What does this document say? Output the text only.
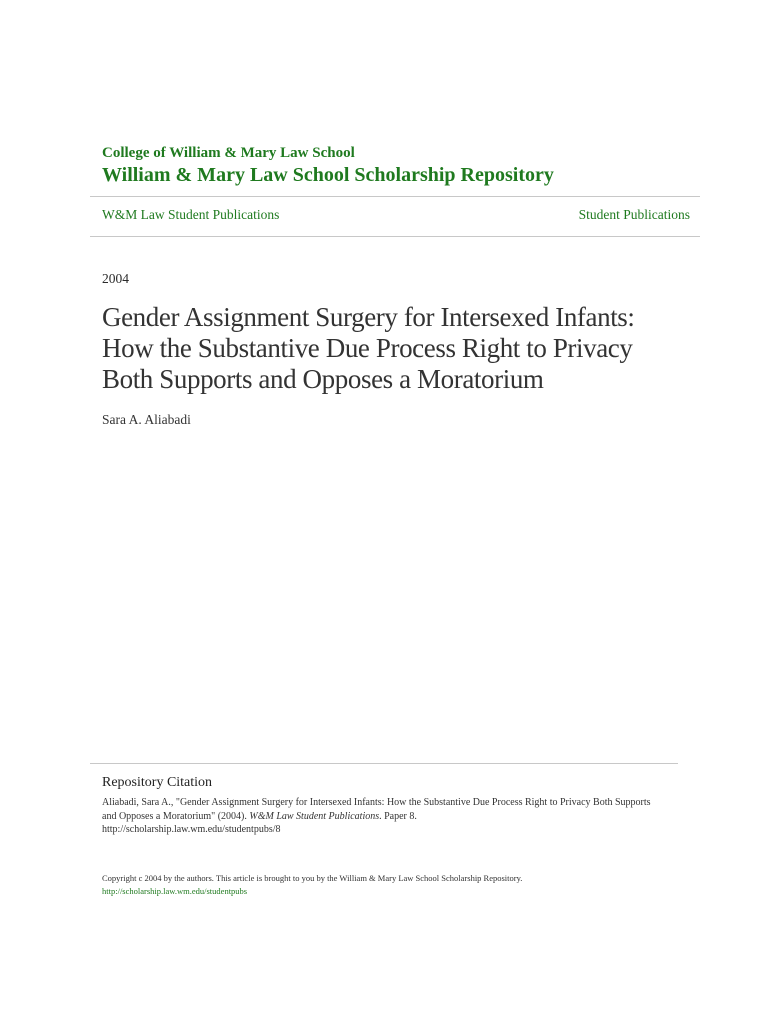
College of William & Mary Law School
William & Mary Law School Scholarship Repository
W&M Law Student Publications	Student Publications
2004
Gender Assignment Surgery for Intersexed Infants:
How the Substantive Due Process Right to Privacy
Both Supports and Opposes a Moratorium
Sara A. Aliabadi
Repository Citation
Aliabadi, Sara A., "Gender Assignment Surgery for Intersexed Infants: How the Substantive Due Process Right to Privacy Both Supports and Opposes a Moratorium" (2004). W&M Law Student Publications. Paper 8.
http://scholarship.law.wm.edu/studentpubs/8
Copyright c 2004 by the authors. This article is brought to you by the William & Mary Law School Scholarship Repository.
http://scholarship.law.wm.edu/studentpubs
